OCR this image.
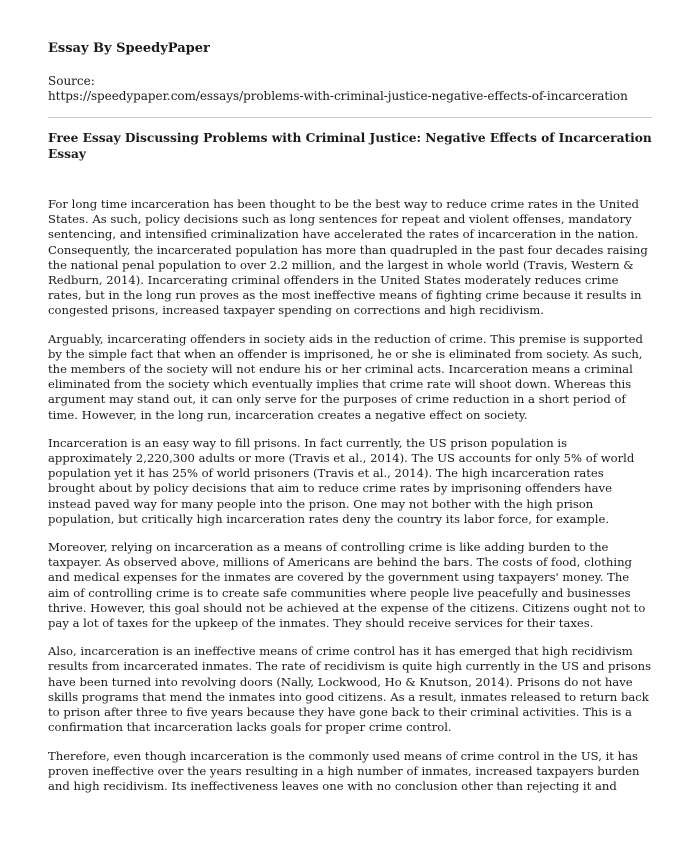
Essay By SpeedyPaper
Source:
https://speedypaper.com/essays/problems-with-criminal-justice-negative-effects-of-incarceration
Free Essay Discussing Problems with Criminal Justice: Negative Effects of Incarceration Essay

For long time incarceration has been thought to be the best way to reduce crime rates in the United States. As such, policy decisions such as long sentences for repeat and violent offenses, mandatory sentencing, and intensified criminalization have accelerated the rates of incarceration in the nation. Consequently, the incarcerated population has more than quadrupled in the past four decades raising the national penal population to over 2.2 million, and the largest in whole world (Travis, Western & Redburn, 2014). Incarcerating criminal offenders in the United States moderately reduces crime rates, but in the long run proves as the most ineffective means of fighting crime because it results in congested prisons, increased taxpayer spending on corrections and high recidivism.

Arguably, incarcerating offenders in society aids in the reduction of crime. This premise is supported by the simple fact that when an offender is imprisoned, he or she is eliminated from society. As such, the members of the society will not endure his or her criminal acts. Incarceration means a criminal eliminated from the society which eventually implies that crime rate will shoot down. Whereas this argument may stand out, it can only serve for the purposes of crime reduction in a short period of time. However, in the long run, incarceration creates a negative effect on society.

Incarceration is an easy way to fill prisons. In fact currently, the US prison population is approximately 2,220,300 adults or more (Travis et al., 2014). The US accounts for only 5% of world population yet it has 25% of world prisoners (Travis et al., 2014). The high incarceration rates brought about by policy decisions that aim to reduce crime rates by imprisoning offenders have instead paved way for many people into the prison. One may not bother with the high prison population, but critically high incarceration rates deny the country its labor force, for example.

Moreover, relying on incarceration as a means of controlling crime is like adding burden to the taxpayer. As observed above, millions of Americans are behind the bars. The costs of food, clothing and medical expenses for the inmates are covered by the government using taxpayers' money. The aim of controlling crime is to create safe communities where people live peacefully and businesses thrive. However, this goal should not be achieved at the expense of the citizens. Citizens ought not to pay a lot of taxes for the upkeep of the inmates. They should receive services for their taxes.

Also, incarceration is an ineffective means of crime control has it has emerged that high recidivism results from incarcerated inmates. The rate of recidivism is quite high currently in the US and prisons have been turned into revolving doors (Nally, Lockwood, Ho & Knutson, 2014). Prisons do not have skills programs that mend the inmates into good citizens. As a result, inmates released to return back to prison after three to five years because they have gone back to their criminal activities. This is a confirmation that incarceration lacks goals for proper crime control.

Therefore, even though incarceration is the commonly used means of crime control in the US, it has proven ineffective over the years resulting in a high number of inmates, increased taxpayers burden and high recidivism. Its ineffectiveness leaves one with no conclusion other than rejecting it and
